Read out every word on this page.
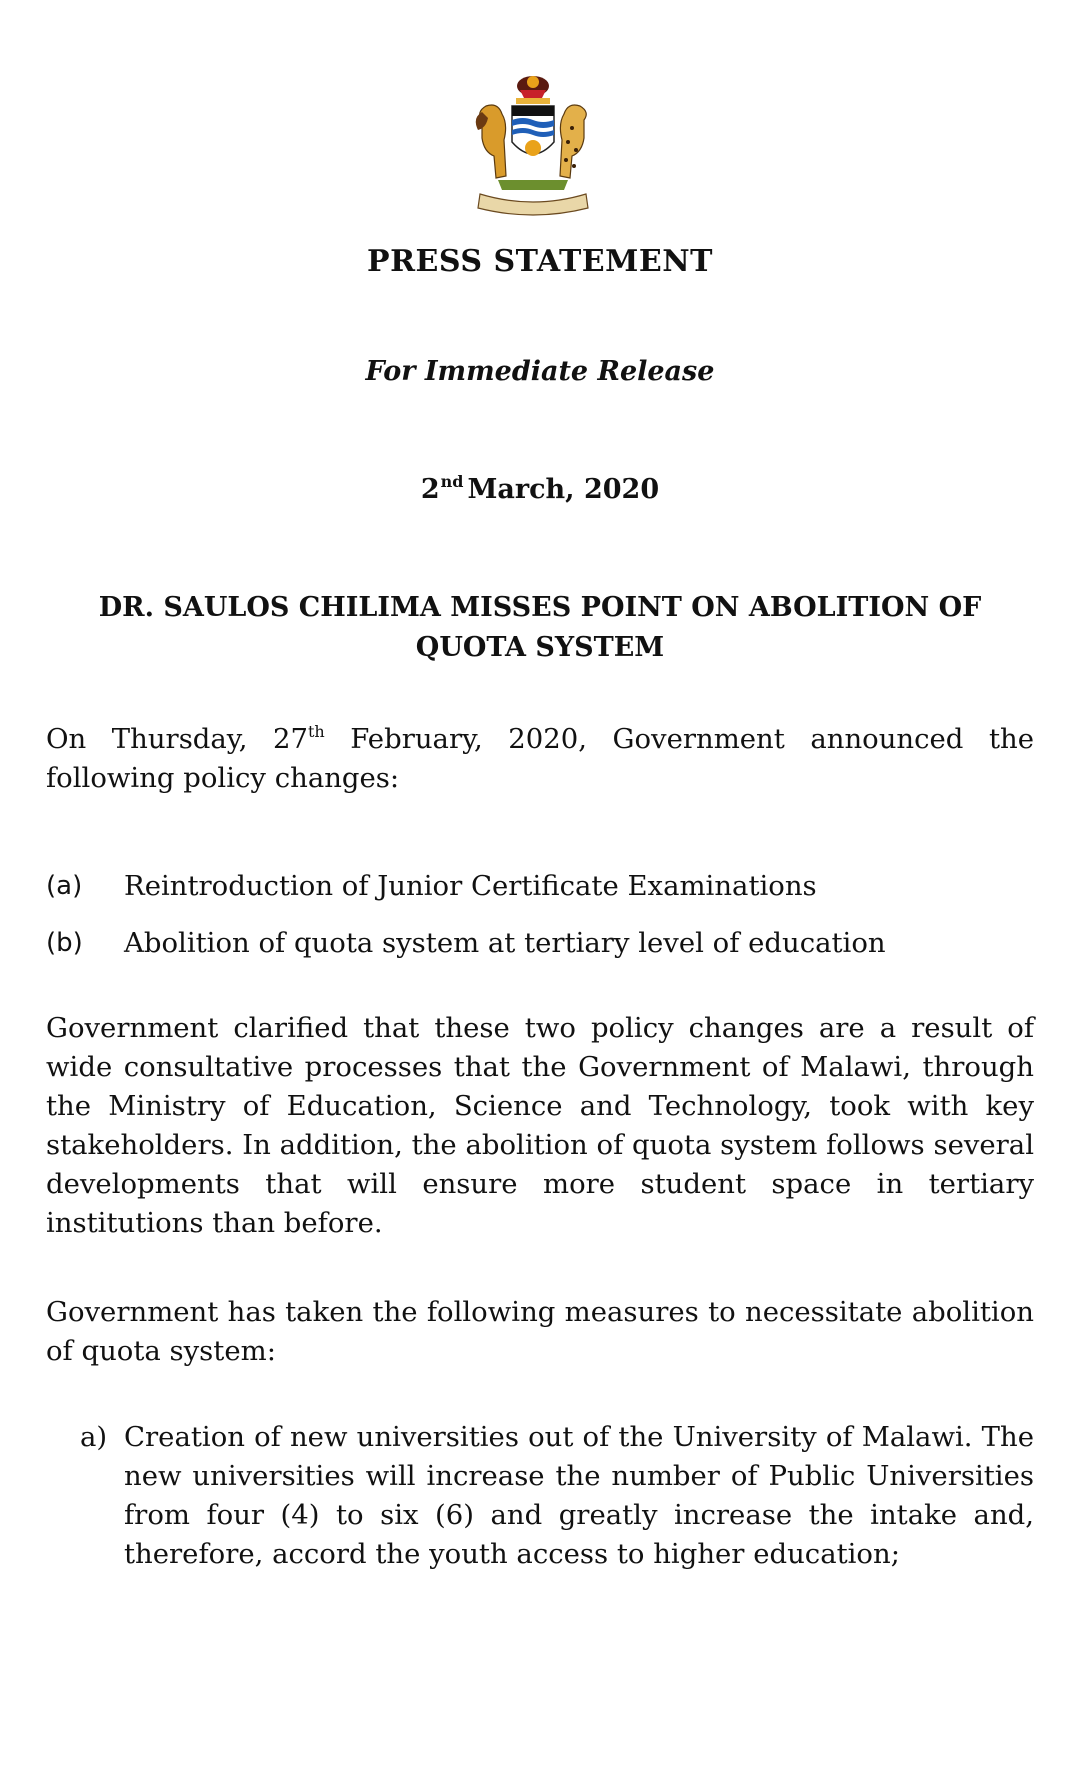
PRESS STATEMENT
For Immediate Release
2nd March, 2020
DR. SAULOS CHILIMA MISSES POINT ON ABOLITION OF
QUOTA SYSTEM
On Thursday, 27th February, 2020, Government announced the following policy changes:
(a) Reintroduction of Junior Certificate Examinations
(b) Abolition of quota system at tertiary level of education
Government clarified that these two policy changes are a result of wide consultative processes that the Government of Malawi, through the Ministry of Education, Science and Technology, took with key stakeholders. In addition, the abolition of quota system follows several developments that will ensure more student space in tertiary institutions than before.
Government has taken the following measures to necessitate abolition of quota system:
a) Creation of new universities out of the University of Malawi. The new universities will increase the number of Public Universities from four (4) to six (6) and greatly increase the intake and, therefore, accord the youth access to higher education;
